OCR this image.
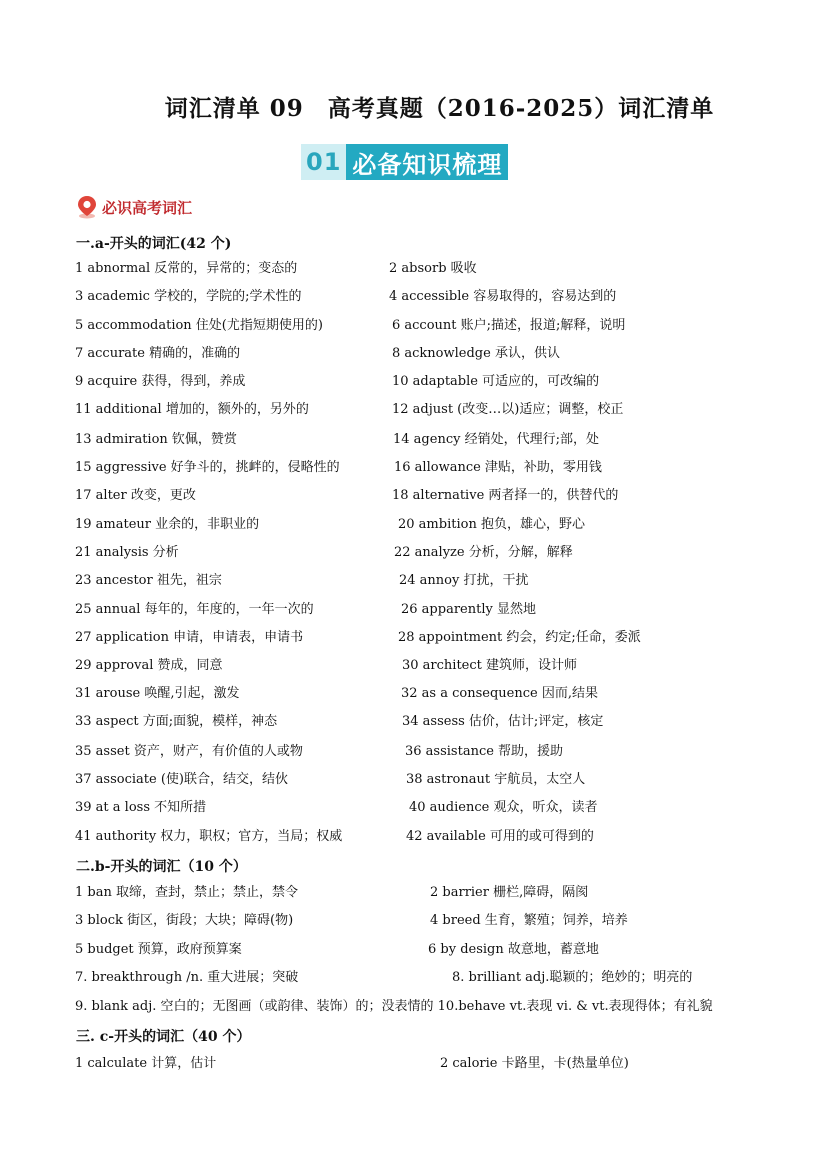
词汇清单 09　高考真题（2016-2025）词汇清单
01 必备知识梳理
必识高考词汇
一.a-开头的词汇(42 个)
1 abnormal 反常的，异常的；变态的	2 absorb 吸收
3 academic 学校的，学院的;学术性的	4 accessible 容易取得的，容易达到的
5 accommodation 住处(尤指短期使用的)	6 account 账户;描述，报道;解释，说明
7 accurate 精确的，准确的	8 acknowledge 承认，供认
9 acquire 获得，得到，养成	10 adaptable 可适应的，可改编的
11 additional 增加的，额外的，另外的	12 adjust (改变…以)适应；调整，校正
13 admiration 钦佩，赞赏	14 agency 经销处，代理行;部，处
15 aggressive 好争斗的，挑衅的，侵略性的	16 allowance 津贴，补助，零用钱
17 alter 改变，更改	18 alternative 两者择一的，供替代的
19 amateur 业余的，非职业的	20 ambition 抱负，雄心，野心
21 analysis 分析	22 analyze 分析，分解，解释
23 ancestor 祖先，祖宗	24 annoy 打扰，干扰
25 annual 每年的，年度的，一年一次的	26 apparently 显然地
27 application 申请，申请表，申请书	28 appointment 约会，约定;任命，委派
29 approval 赞成，同意	30 architect 建筑师，设计师
31 arouse 唤醒,引起，激发	32 as a consequence 因而,结果
33 aspect 方面;面貌，模样，神态	34 assess 估价，估计;评定，核定
35 asset 资产，财产，有价值的人或物	36 assistance 帮助，援助
37 associate (使)联合，结交，结伙	38 astronaut 宇航员，太空人
39 at a loss 不知所措	40 audience 观众，听众，读者
41 authority 权力，职权；官方，当局；权威	42 available 可用的或可得到的
二.b-开头的词汇（10 个）
1 ban 取缔，查封，禁止；禁止，禁令	2 barrier 栅栏,障碍，隔阂
3 block 街区，街段；大块；障碍(物)	4 breed 生育，繁殖；饲养，培养
5 budget 预算，政府预算案	6 by design 故意地，蓄意地
7. breakthrough /n. 重大进展；突破	8. brilliant adj.聪颖的；绝妙的；明亮的
9. blank adj. 空白的；无图画（或韵律、装饰）的；没表情的 10.behave vt.表现 vi. & vt.表现得体；有礼貌
三. c-开头的词汇（40 个）
1 calculate 计算，估计	2 calorie 卡路里，卡(热量单位)
